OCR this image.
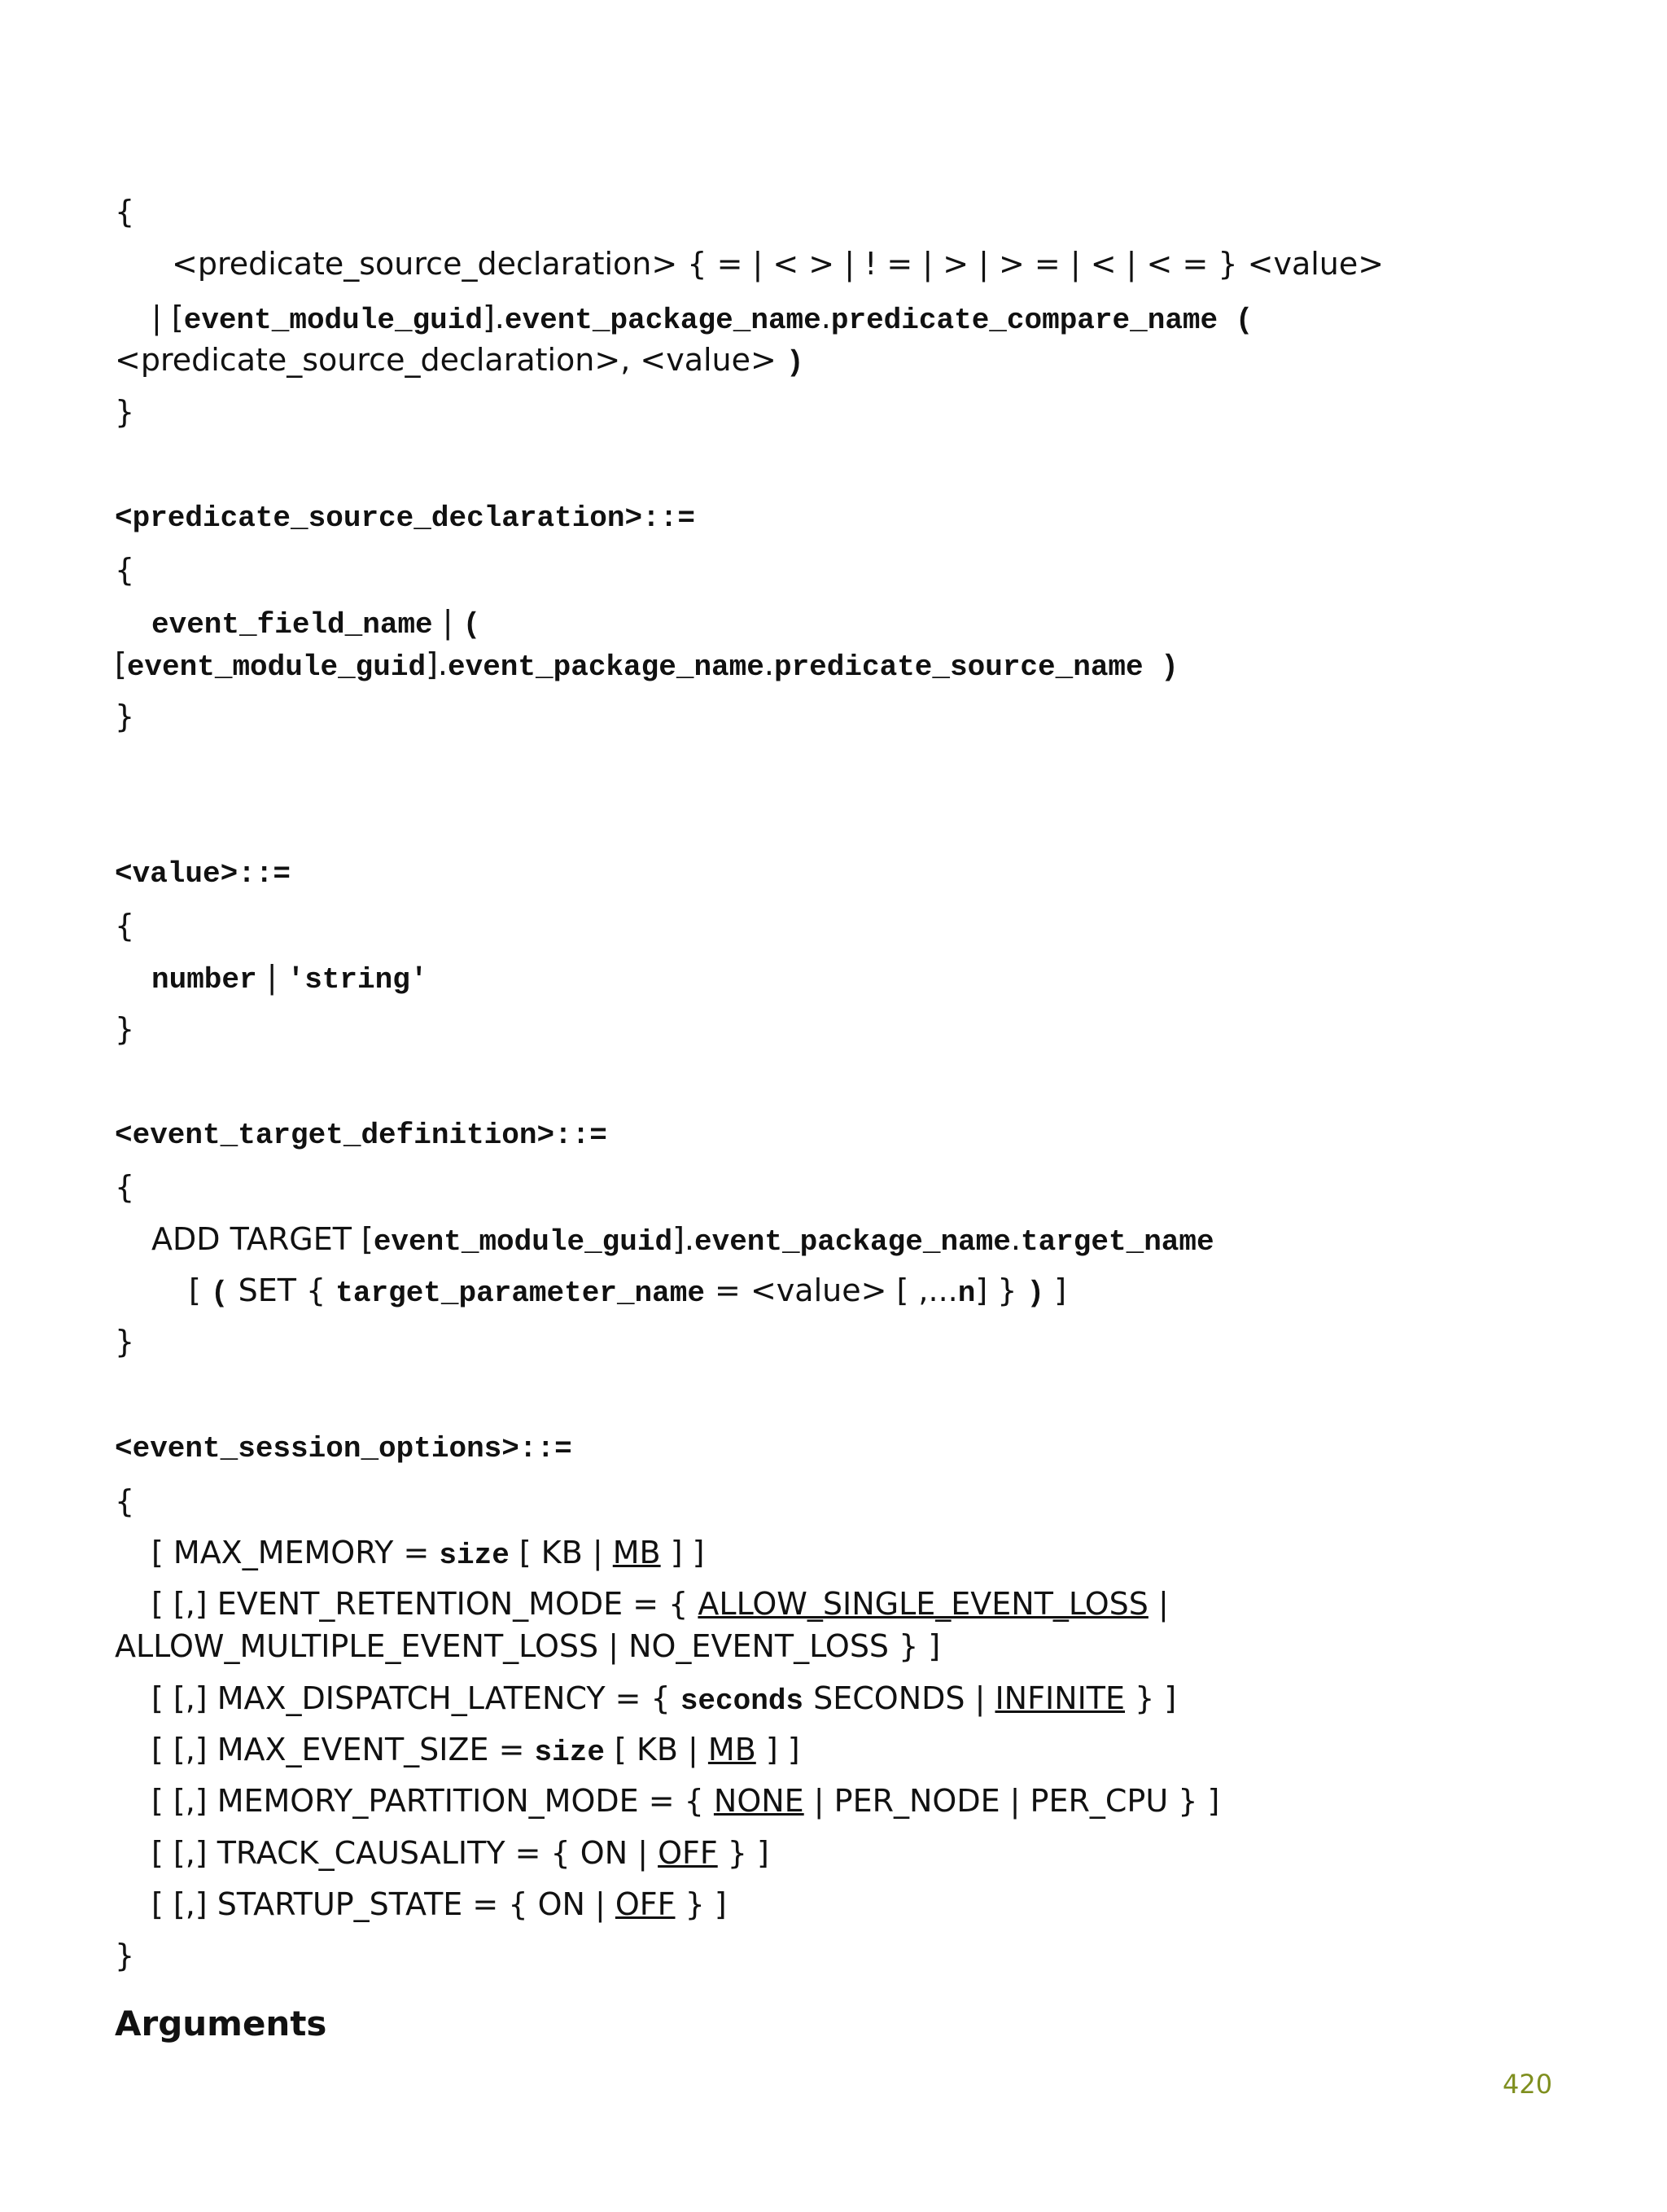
{
<predicate_source_declaration> { = | < > | ! = | > | > = | < | < = } <value>
| [event_module_guid].event_package_name.predicate_compare_name (
<predicate_source_declaration>, <value> )
}
<predicate_source_declaration>::=
{
event_field_name | (
[event_module_guid].event_package_name.predicate_source_name )
}
<value>::=
{
number | 'string'
}
<event_target_definition>::=
{
ADD TARGET [event_module_guid].event_package_name.target_name
[ ( SET { target_parameter_name = <value> [ ,...n] } ) ]
}
<event_session_options>::=
{
[ MAX_MEMORY = size [ KB | MB ] ]
[ [,] EVENT_RETENTION_MODE = { ALLOW_SINGLE_EVENT_LOSS |
ALLOW_MULTIPLE_EVENT_LOSS | NO_EVENT_LOSS } ]
[ [,] MAX_DISPATCH_LATENCY = { seconds SECONDS | INFINITE } ]
[ [,] MAX_EVENT_SIZE = size [ KB | MB ] ]
[ [,] MEMORY_PARTITION_MODE = { NONE | PER_NODE | PER_CPU } ]
[ [,] TRACK_CAUSALITY = { ON | OFF } ]
[ [,] STARTUP_STATE = { ON | OFF } ]
}
Arguments
420
